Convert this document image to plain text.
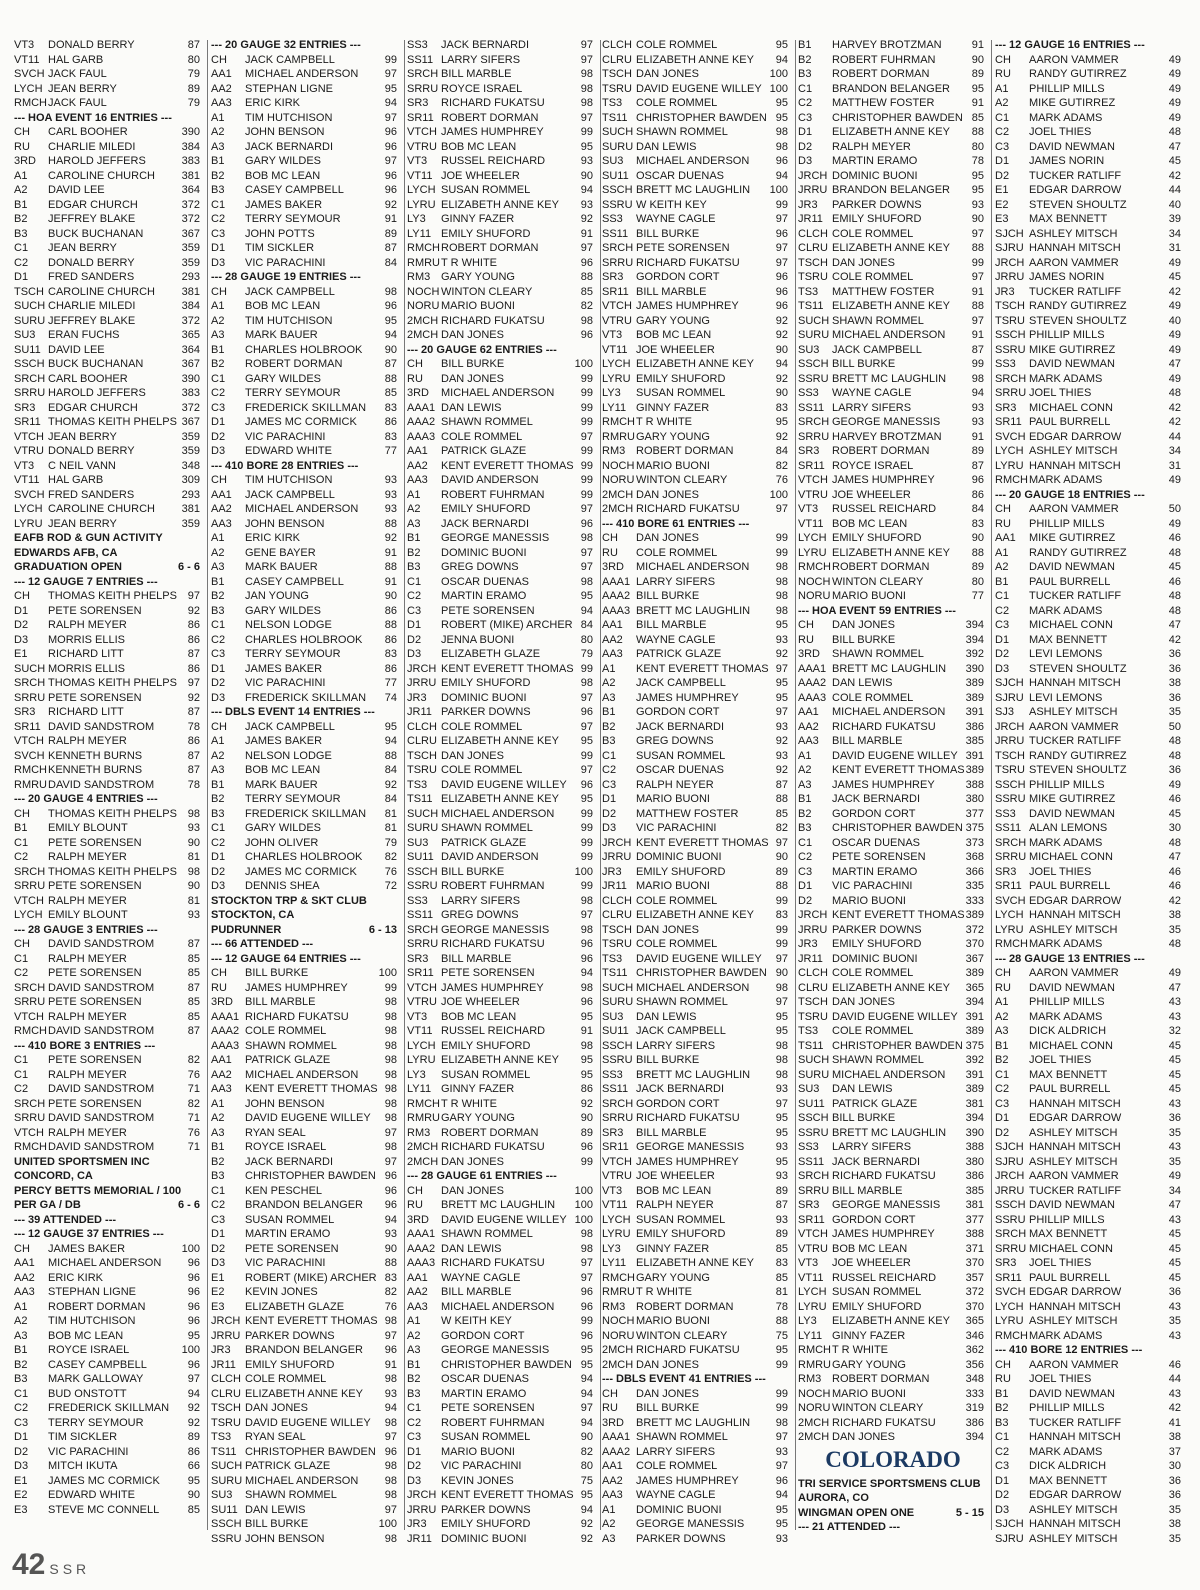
VT3 DONALD BERRY	87
VT11 HAL GARB	80
SVCH JACK FAUL	79
LYCH JEAN BERRY	89
RMCHJACK FAUL	79
--- HOA EVENT 16 ENTRIES ---
CH CARL BOOHER	390
RU CHARLIE MILEDI	384
3RD HAROLD JEFFERS	383
A1 CAROLINE CHURCH 381
A2 DAVID LEE	364
B1 EDGAR CHURCH	372
B2 JEFFREY BLAKE	372
B3 BUCK BUCHANAN	367
C1 JEAN BERRY	359
C2 DONALD BERRY	359
D1 FRED SANDERS	293
TSCH CAROLINE CHURCH 381
SUCH CHARLIE MILEDI	384
SURU JEFFREY BLAKE	372
SU3 ERAN FUCHS	365
SU11 DAVID LEE	364
SSCH BUCK BUCHANAN	367
SRCH CARL BOOHER	390
SRRU HAROLD JEFFERS	383
SR3 EDGAR CHURCH	372
SR11 THOMAS KEITH PHELPS 367
VTCH JEAN BERRY	359
VTRU DONALD BERRY	359
VT3 C NEIL VANN	348
VT11 HAL GARB	309
SVCH FRED SANDERS	293
LYCH CAROLINE CHURCH 381
LYRU JEAN BERRY	359
EAFB ROD & GUN ACTIVITY
EDWARDS AFB, CA
GRADUATION OPEN	6 - 6
--- 12 GAUGE 7 ENTRIES ---
CH THOMAS KEITH PHELPS 97
D1 PETE SORENSEN	92
D2 RALPH MEYER	86
D3 MORRIS ELLIS	86
E1 RICHARD LITT	87
SUCH MORRIS ELLIS	86
SRCH THOMAS KEITH PHELPS 97
SRRU PETE SORENSEN	92
SR3 RICHARD LITT	87
SR11 DAVID SANDSTROM	78
VTCH RALPH MEYER	86
SVCH KENNETH BURNS	87
RMCHKENNETH BURNS	87
RMRUDAVID SANDSTROM	78
--- 20 GAUGE 4 ENTRIES ---
CH THOMAS KEITH PHELPS 98
B1 EMILY BLOUNT	93
C1 PETE SORENSEN	90
C2 RALPH MEYER	81
SRCH THOMAS KEITH PHELPS 98
SRRU PETE SORENSEN	90
VTCH RALPH MEYER	81
LYCH EMILY BLOUNT	93
--- 28 GAUGE 3 ENTRIES ---
CH DAVID SANDSTROM	87
C1 RALPH MEYER	85
C2 PETE SORENSEN	85
SRCH DAVID SANDSTROM	87
SRRU PETE SORENSEN	85
VTCH RALPH MEYER	85
RMCHDAVID SANDSTROM	87
--- 410 BORE 3 ENTRIES ---
C1 PETE SORENSEN	82
C1 RALPH MEYER	76
C2 DAVID SANDSTROM	71
SRCH PETE SORENSEN	82
SRRU DAVID SANDSTROM	71
VTCH RALPH MEYER	76
RMCHDAVID SANDSTROM	71
UNITED SPORTSMEN INC
CONCORD, CA
PERCY BETTS MEMORIAL / 100
PER GA / DB	6 - 6
--- 39 ATTENDED ---
--- 12 GAUGE 37 ENTRIES ---
CH JAMES BAKER	100
AA1 MICHAEL ANDERSON 96
AA2 ERIC KIRK	96
AA3 STEPHAN LIGNE	96
A1 ROBERT DORMAN	96
A2 TIM HUTCHISON	96
A3 BOB MC LEAN	95
B1 ROYCE ISRAEL	100
B2 CASEY CAMPBELL	96
B3 MARK GALLOWAY	97
C1 BUD ONSTOTT	94
C2 FREDERICK SKILLMAN 92
C3 TERRY SEYMOUR	92
D1 TIM SICKLER	89
D2 VIC PARACHINI	86
D3 MITCH IKUTA	66
E1 JAMES MC CORMICK	95
E2 EDWARD WHITE	90
E3 STEVE MC CONNELL	85
--- 20 GAUGE 32 ENTRIES ---
CH JACK CAMPBELL	99
AA1 MICHAEL ANDERSON 97
AA2 STEPHAN LIGNE	95
AA3 ERIC KIRK	94
A1 TIM HUTCHISON	97
A2 JOHN BENSON	96
A3 JACK BERNARDI	96
B1 GARY WILDES	97
B2 BOB MC LEAN	96
B3 CASEY CAMPBELL	96
C1 JAMES BAKER	92
C2 TERRY SEYMOUR	91
C3 JOHN POTTS	89
D1 TIM SICKLER	87
D3 VIC PARACHINI	84
--- 28 GAUGE 19 ENTRIES ---
CH JACK CAMPBELL	98
A1 BOB MC LEAN	96
A2 TIM HUTCHISON	95
A3 MARK BAUER	94
B1 CHARLES HOLBROOK 90
B2 ROBERT DORMAN	87
C1 GARY WILDES	88
C2 TERRY SEYMOUR	85
C3 FREDERICK SKILLMAN 83
D1 JAMES MC CORMICK	86
D2 VIC PARACHINI	83
D3 EDWARD WHITE	77
--- 410 BORE 28 ENTRIES ---
CH TIM HUTCHISON	93
AA1 JACK CAMPBELL	93
AA2 MICHAEL ANDERSON 93
AA3 JOHN BENSON	88
A1 ERIC KIRK	92
A2 GENE BAYER	91
A3 MARK BAUER	88
B1 CASEY CAMPBELL	91
B2 JAN YOUNG	90
B3 GARY WILDES	86
C1 NELSON LODGE	88
C2 CHARLES HOLBROOK 86
C3 TERRY SEYMOUR	83
D1 JAMES BAKER	86
D2 VIC PARACHINI	77
D3 FREDERICK SKILLMAN 74
--- DBLS EVENT 14 ENTRIES ---
CH JACK CAMPBELL	95
A1 JAMES BAKER	94
A2 NELSON LODGE	88
A3 BOB MC LEAN	84
B1 MARK BAUER	92
B2 TERRY SEYMOUR	84
B3 FREDERICK SKILLMAN 81
C1 GARY WILDES	81
C2 JOHN OLIVER	79
D1 CHARLES HOLBROOK 82
D2 JAMES MC CORMICK	76
D3 DENNIS SHEA	72
STOCKTON TRP & SKT CLUB
STOCKTON, CA
PUDRUNNER	6 - 13
--- 66 ATTENDED ---
--- 12 GAUGE 64 ENTRIES ---
CH BILL BURKE	100
RU JAMES HUMPHREY	99
3RD BILL MARBLE	98
AAA1 RICHARD FUKATSU	98
AAA2 COLE ROMMEL	98
AAA3 SHAWN ROMMEL	98
AA1 PATRICK GLAZE	98
AA2 MICHAEL ANDERSON 98
AA3 KENT EVERETT THOMAS 98
A1 JOHN BENSON	98
A2 DAVID EUGENE WILLEY 98
A3 RYAN SEAL	97
B1 ROYCE ISRAEL	98
B2 JACK BERNARDI	97
B3 CHRISTOPHER BAWDEN 96
C1 KEN PESCHEL	96
C2 BRANDON BELANGER 96
C3 SUSAN ROMMEL	94
D1 MARTIN ERAMO	93
D2 PETE SORENSEN	90
D3 VIC PARACHINI	88
E1 ROBERT (MIKE) ARCHER 83
E2 KEVIN JONES	82
E3 ELIZABETH GLAZE	76
JRCH KENT EVERETT THOMAS 98
JRRU PARKER DOWNS	97
JR3 BRANDON BELANGER 96
JR11 EMILY SHUFORD	91
CLCH COLE ROMMEL	98
CLRU ELIZABETH ANNE KEY 93
TSCH DAN JONES	94
TSRU DAVID EUGENE WILLEY 98
TS3 RYAN SEAL	97
TS11 CHRISTOPHER BAWDEN 96
SUCH PATRICK GLAZE	98
SURU MICHAEL ANDERSON 98
SU3 SHAWN ROMMEL	98
SU11 DAN LEWIS	97
SSCH BILL BURKE	100
SSRU JOHN BENSON	98
SS3 JACK BERNARDI	97
SS11 LARRY SIFERS	97
SRCH BILL MARBLE	98
SRRU ROYCE ISRAEL	98
SR3 RICHARD FUKATSU	98
SR11 ROBERT DORMAN	97
VTCH JAMES HUMPHREY	99
VTRU BOB MC LEAN	95
VT3 RUSSEL REICHARD	93
VT11 JOE WHEELER	90
LYCH SUSAN ROMMEL	94
LYRU ELIZABETH ANNE KEY 93
LY3 GINNY FAZER	92
LY11 EMILY SHUFORD	91
RMCHROBERT DORMAN	97
RMRUT R WHITE	96
RM3 GARY YOUNG	88
NOCH WINTON CLEARY	85
NORU MARIO BUONI	82
2MCH RICHARD FUKATSU	98
2MCH DAN JONES	96
--- 20 GAUGE 62 ENTRIES ---
CH BILL BURKE	100
RU DAN JONES	99
3RD MICHAEL ANDERSON 99
AAA1 DAN LEWIS	99
AAA2 SHAWN ROMMEL	99
AAA3 COLE ROMMEL	97
AA1 PATRICK GLAZE	99
AA2 KENT EVERETT THOMAS 99
AA3 DAVID ANDERSON	99
A1 ROBERT FUHRMAN	99
A2 EMILY SHUFORD	97
A3 JACK BERNARDI	96
B1 GEORGE MANESSIS	98
B2 DOMINIC BUONI	97
B3 GREG DOWNS	97
C1 OSCAR DUENAS	98
C2 MARTIN ERAMO	95
C3 PETE SORENSEN	94
D1 ROBERT (MIKE) ARCHER 84
D2 JENNA BUONI	80
D3 ELIZABETH GLAZE	79
JRCH KENT EVERETT THOMAS 99
JRRU EMILY SHUFORD	98
JR3 DOMINIC BUONI	97
JR11 PARKER DOWNS	96
CLCH COLE ROMMEL	97
CLRU ELIZABETH ANNE KEY 95
TSCH DAN JONES	99
TSRU COLE ROMMEL	97
TS3 DAVID EUGENE WILLEY 96
TS11 ELIZABETH ANNE KEY 95
SUCH MICHAEL ANDERSON 99
SURU SHAWN ROMMEL	99
SU3 PATRICK GLAZE	99
SU11 DAVID ANDERSON	99
SSCH BILL BURKE	100
SSRU ROBERT FUHRMAN	99
SS3 LARRY SIFERS	98
SS11 GREG DOWNS	97
SRCH GEORGE MANESSIS	98
SRRU RICHARD FUKATSU	96
SR3 BILL MARBLE	96
SR11 PETE SORENSEN	94
VTCH JAMES HUMPHREY	98
VTRU JOE WHEELER	96
VT3 BOB MC LEAN	95
VT11 RUSSEL REICHARD	91
LYCH EMILY SHUFORD	98
LYRU ELIZABETH ANNE KEY 95
LY3 SUSAN ROMMEL	95
LY11 GINNY FAZER	86
RMCHT R WHITE	92
RMRUGARY YOUNG	90
RM3 ROBERT DORMAN	89
2MCH RICHARD FUKATSU	96
2MCH DAN JONES	99
--- 28 GAUGE 61 ENTRIES ---
CH DAN JONES	100
RU BRETT MC LAUGHLIN 100
3RD DAVID EUGENE WILLEY 100
AAA1 SHAWN ROMMEL	98
AAA2 DAN LEWIS	98
AAA3 RICHARD FUKATSU	97
AA1 WAYNE CAGLE	97
AA2 BILL MARBLE	96
AA3 MICHAEL ANDERSON 96
A1 W KEITH KEY	99
A2 GORDON CORT	96
A3 GEORGE MANESSIS	95
B1 CHRISTOPHER BAWDEN 95
B2 OSCAR DUENAS	94
B3 MARTIN ERAMO	94
C1 PETE SORENSEN	97
C2 ROBERT FUHRMAN	94
C3 SUSAN ROMMEL	90
D1 MARIO BUONI	82
D2 VIC PARACHINI	80
D3 KEVIN JONES	75
JRCH KENT EVERETT THOMAS 95
JRRU PARKER DOWNS	94
JR3 EMILY SHUFORD	92
JR11 DOMINIC BUONI	92
CLCH COLE ROMMEL	95
CLRU ELIZABETH ANNE KEY 94
TSCH DAN JONES	100
TSRU DAVID EUGENE WILLEY 100
TS3 COLE ROMMEL	95
TS11 CHRISTOPHER BAWDEN 95
SUCH SHAWN ROMMEL	98
SURU DAN LEWIS	98
SU3 MICHAEL ANDERSON 96
SU11 OSCAR DUENAS	94
SSCH BRETT MC LAUGHLIN 100
SSRU W KEITH KEY	99
SS3 WAYNE CAGLE	97
SS11 BILL BURKE	96
SRCH PETE SORENSEN	97
SRRU RICHARD FUKATSU	97
SR3 GORDON CORT	96
SR11 BILL MARBLE	96
VTCH JAMES HUMPHREY	96
VTRU GARY YOUNG	92
VT3 BOB MC LEAN	92
VT11 JOE WHEELER	90
LYCH ELIZABETH ANNE KEY 94
LYRU EMILY SHUFORD	92
LY3 SUSAN ROMMEL	90
LY11 GINNY FAZER	83
RMCHT R WHITE	95
RMRUGARY YOUNG	92
RM3 ROBERT DORMAN	84
NOCH MARIO BUONI	82
NORU WINTON CLEARY	76
2MCH DAN JONES	100
2MCH RICHARD FUKATSU	97
--- 410 BORE 61 ENTRIES ---
CH DAN JONES	99
RU COLE ROMMEL	99
3RD MICHAEL ANDERSON 98
AAA1 LARRY SIFERS	98
AAA2 BILL BURKE	98
AAA3 BRETT MC LAUGHLIN 98
AA1 BILL MARBLE	95
AA2 WAYNE CAGLE	93
AA3 PATRICK GLAZE	92
A1 KENT EVERETT THOMAS 97
A2 JACK CAMPBELL	95
A3 JAMES HUMPHREY	95
B1 GORDON CORT	97
B2 JACK BERNARDI	93
B3 GREG DOWNS	92
C1 SUSAN ROMMEL	93
C2 OSCAR DUENAS	92
C3 RALPH NEYER	87
D1 MARIO BUONI	88
D2 MATTHEW FOSTER	85
D3 VIC PARACHINI	82
JRCH KENT EVERETT THOMAS 97
JRRU DOMINIC BUONI	90
JR3 EMILY SHUFORD	89
JR11 MARIO BUONI	88
CLCH COLE ROMMEL	99
CLRU ELIZABETH ANNE KEY 83
TSCH DAN JONES	99
TSRU COLE ROMMEL	99
TS3 DAVID EUGENE WILLEY 97
TS11 CHRISTOPHER BAWDEN 90
SUCH MICHAEL ANDERSON 98
SURU SHAWN ROMMEL	97
SU3 DAN LEWIS	95
SU11 JACK CAMPBELL	95
SSCH LARRY SIFERS	98
SSRU BILL BURKE	98
SS3 BRETT MC LAUGHLIN 98
SS11 JACK BERNARDI	93
SRCH GORDON CORT	97
SRRU RICHARD FUKATSU	95
SR3 BILL MARBLE	95
SR11 GEORGE MANESSIS	93
VTCH JAMES HUMPHREY	95
VTRU JOE WHEELER	93
VT3 BOB MC LEAN	89
VT11 RALPH NEYER	87
LYCH SUSAN ROMMEL	93
LYRU EMILY SHUFORD	89
LY3 GINNY FAZER	85
LY11 ELIZABETH ANNE KEY 83
RMCHGARY YOUNG	85
RMRUT R WHITE	81
RM3 ROBERT DORMAN	78
NOCH MARIO BUONI	88
NORU WINTON CLEARY	75
2MCH RICHARD FUKATSU	95
2MCH DAN JONES	99
--- DBLS EVENT 41 ENTRIES ---
CH DAN JONES	99
RU BILL BURKE	99
3RD BRETT MC LAUGHLIN 98
AAA1 SHAWN ROMMEL	97
AAA2 LARRY SIFERS	93
AA1 COLE ROMMEL	97
AA2 JAMES HUMPHREY	96
AA3 WAYNE CAGLE	94
A1 DOMINIC BUONI	95
A2 GEORGE MANESSIS	95
A3 PARKER DOWNS	93
B1 HARVEY BROTZMAN	91
B2 ROBERT FUHRMAN	90
B3 ROBERT DORMAN	89
C1 BRANDON BELANGER 95
C2 MATTHEW FOSTER	91
C3 CHRISTOPHER BAWDEN 85
D1 ELIZABETH ANNE KEY 88
D2 RALPH MEYER	80
D3 MARTIN ERAMO	78
JRCH DOMINIC BUONI	95
JRRU BRANDON BELANGER 95
JR3 PARKER DOWNS	93
JR11 EMILY SHUFORD	90
CLCH COLE ROMMEL	97
CLRU ELIZABETH ANNE KEY 88
TSCH DAN JONES	99
TSRU COLE ROMMEL	97
TS3 MATTHEW FOSTER	91
TS11 ELIZABETH ANNE KEY 88
SUCH SHAWN ROMMEL	97
SURU MICHAEL ANDERSON 91
SU3 JACK CAMPBELL	87
SSCH BILL BURKE	99
SSRU BRETT MC LAUGHLIN 98
SS3 WAYNE CAGLE	94
SS11 LARRY SIFERS	93
SRCH GEORGE MANESSIS	93
SRRU HARVEY BROTZMAN	91
SR3 ROBERT DORMAN	89
SR11 ROYCE ISRAEL	87
VTCH JAMES HUMPHREY	96
VTRU JOE WHEELER	86
VT3 RUSSEL REICHARD	84
VT11 BOB MC LEAN	83
LYCH EMILY SHUFORD	90
LYRU ELIZABETH ANNE KEY 88
RMCHROBERT DORMAN	89
NOCH WINTON CLEARY	80
NORU MARIO BUONI	77
--- HOA EVENT 59 ENTRIES ---
CH DAN JONES	394
RU BILL BURKE	394
3RD SHAWN ROMMEL	392
AAA1 BRETT MC LAUGHLIN 390
AAA2 DAN LEWIS	389
AAA3 COLE ROMMEL	389
AA1 MICHAEL ANDERSON 391
AA2 RICHARD FUKATSU	386
AA3 BILL MARBLE	385
A1 DAVID EUGENE WILLEY 391
A2 KENT EVERETT THOMAS 389
A3 JAMES HUMPHREY	388
B1 JACK BERNARDI	380
B2 GORDON CORT	377
B3 CHRISTOPHER BAWDEN 375
C1 OSCAR DUENAS	373
C2 PETE SORENSEN	368
C3 MARTIN ERAMO	366
D1 VIC PARACHINI	335
D2 MARIO BUONI	333
JRCH KENT EVERETT THOMAS 389
JRRU PARKER DOWNS	372
JR3 EMILY SHUFORD	370
JR11 DOMINIC BUONI	367
CLCH COLE ROMMEL	389
CLRU ELIZABETH ANNE KEY 365
TSCH DAN JONES	394
TSRU DAVID EUGENE WILLEY 391
TS3 COLE ROMMEL	389
TS11 CHRISTOPHER BAWDEN 375
SUCH SHAWN ROMMEL	392
SURU MICHAEL ANDERSON 391
SU3 DAN LEWIS	389
SU11 PATRICK GLAZE	381
SSCH BILL BURKE	394
SSRU BRETT MC LAUGHLIN 390
SS3 LARRY SIFERS	388
SS11 JACK BERNARDI	380
SRCH RICHARD FUKATSU	386
SRRU BILL MARBLE	385
SR3 GEORGE MANESSIS 381
SR11 GORDON CORT	377
VTCH JAMES HUMPHREY	388
VTRU BOB MC LEAN	371
VT3 JOE WHEELER	370
VT11 RUSSEL REICHARD	357
LYCH SUSAN ROMMEL	372
LYRU EMILY SHUFORD	370
LY3 ELIZABETH ANNE KEY 365
LY11 GINNY FAZER	346
RMCHT R WHITE	362
RMRUGARY YOUNG	356
RM3 ROBERT DORMAN	348
NOCH MARIO BUONI	333
NORU WINTON CLEARY	319
2MCH RICHARD FUKATSU	386
2MCH DAN JONES	394
COLORADO
TRI SERVICE SPORTSMENS CLUB
AURORA, CO
WINGMAN OPEN ONE	5 - 15
--- 21 ATTENDED ---
--- 12 GAUGE 16 ENTRIES ---
CH AARON VAMMER	49
RU RANDY GUTIRREZ	49
A1 PHILLIP MILLS	49
A2 MIKE GUTIRREZ	49
C1 MARK ADAMS	49
C2 JOEL THIES	48
C3 DAVID NEWMAN	47
D1 JAMES NORIN	45
D2 TUCKER RATLIFF	42
E1 EDGAR DARROW	44
E2 STEVEN SHOULTZ	40
E3 MAX BENNETT	39
SJCH ASHLEY MITSCH	34
SJRU HANNAH MITSCH	31
JRCH AARON VAMMER	49
JRRU JAMES NORIN	45
JR3 TUCKER RATLIFF	42
TSCH RANDY GUTIRREZ	49
TSRU STEVEN SHOULTZ	40
SSCH PHILLIP MILLS	49
SSRU MIKE GUTIRREZ	49
SS3 DAVID NEWMAN	47
SRCH MARK ADAMS	49
SRRU JOEL THIES	48
SR3 MICHAEL CONN	42
SR11 PAUL BURRELL	42
SVCH EDGAR DARROW	44
LYCH ASHLEY MITSCH	34
LYRU HANNAH MITSCH	31
RMCHMARK ADAMS	49
--- 20 GAUGE 18 ENTRIES ---
CH AARON VAMMER	50
RU PHILLIP MILLS	49
AA1 MIKE GUTIRREZ	46
A1 RANDY GUTIRREZ	48
A2 DAVID NEWMAN	45
B1 PAUL BURRELL	46
C1 TUCKER RATLIFF	48
C2 MARK ADAMS	48
C3 MICHAEL CONN	47
D1 MAX BENNETT	42
D2 LEVI LEMONS	36
D3 STEVEN SHOULTZ	36
SJCH HANNAH MITSCH	38
SJRU LEVI LEMONS	36
SJ3 ASHLEY MITSCH	35
JRCH AARON VAMMER	50
JRRU TUCKER RATLIFF	48
TSCH RANDY GUTIRREZ	48
TSRU STEVEN SHOULTZ	36
SSCH PHILLIP MILLS	49
SSRU MIKE GUTIRREZ	46
SS3 DAVID NEWMAN	45
SS11 ALAN LEMONS	30
SRCH MARK ADAMS	48
SRRU MICHAEL CONN	47
SR3 JOEL THIES	46
SR11 PAUL BURRELL	46
SVCH EDGAR DARROW	42
LYCH HANNAH MITSCH	38
LYRU ASHLEY MITSCH	35
RMCHMARK ADAMS	48
--- 28 GAUGE 13 ENTRIES ---
CH AARON VAMMER	49
RU DAVID NEWMAN	47
A1 PHILLIP MILLS	43
A2 MARK ADAMS	43
A3 DICK ALDRICH	32
B1 MICHAEL CONN	45
B2 JOEL THIES	45
C1 MAX BENNETT	45
C2 PAUL BURRELL	45
C3 HANNAH MITSCH	43
D1 EDGAR DARROW	36
D2 ASHLEY MITSCH	35
SJCH HANNAH MITSCH	43
SJRU ASHLEY MITSCH	35
JRCH AARON VAMMER	49
JRRU TUCKER RATLIFF	34
SSCH DAVID NEWMAN	47
SSRU PHILLIP MILLS	43
SRCH MAX BENNETT	45
SRRU MICHAEL CONN	45
SR3 JOEL THIES	45
SR11 PAUL BURRELL	45
SVCH EDGAR DARROW	36
LYCH HANNAH MITSCH	43
LYRU ASHLEY MITSCH	35
RMCHMARK ADAMS	43
--- 410 BORE 12 ENTRIES ---
CH AARON VAMMER	46
RU JOEL THIES	44
B1 DAVID NEWMAN	43
B2 PHILLIP MILLS	42
B3 TUCKER RATLIFF	41
C1 HANNAH MITSCH	38
C2 MARK ADAMS	37
C3 DICK ALDRICH	30
D1 MAX BENNETT	36
D2 EDGAR DARROW	36
D3 ASHLEY MITSCH	35
SJCH HANNAH MITSCH	38
SJRU ASHLEY MITSCH	35
42 SSR
